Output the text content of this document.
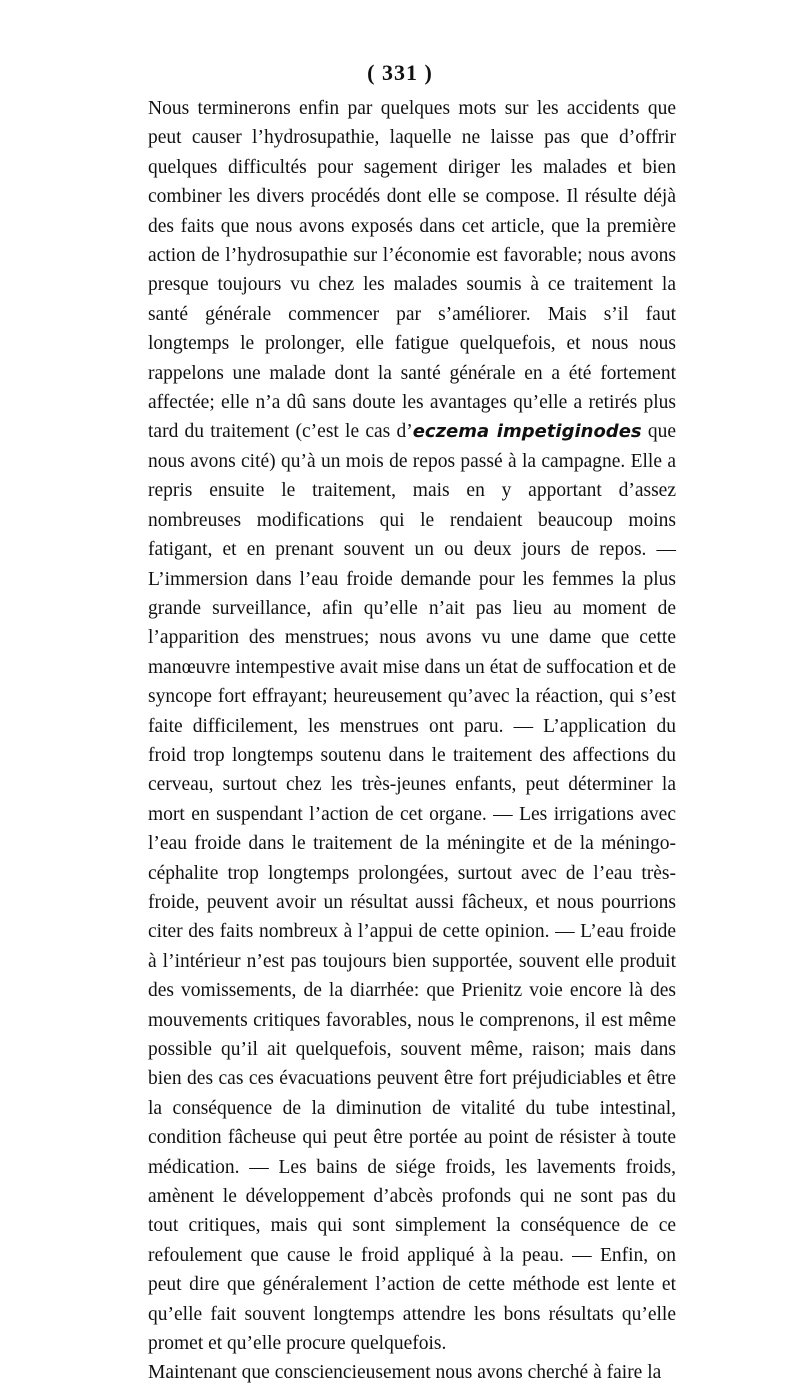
( 331 )

Nous terminerons enfin par quelques mots sur les accidents que peut causer l’hydrosupathie, laquelle ne laisse pas que d’offrir quelques difficultés pour sagement diriger les malades et bien combiner les divers procédés dont elle se compose. Il résulte déjà des faits que nous avons exposés dans cet article, que la première action de l’hydrosupathie sur l’économie est favorable; nous avons presque toujours vu chez les malades soumis à ce traitement la santé générale commencer par s’améliorer. Mais s’il faut longtemps le prolonger, elle fatigue quelquefois, et nous nous rappelons une malade dont la santé générale en a été fortement affectée; elle n’a dû sans doute les avantages qu’elle a retirés plus tard du traitement (c’est le cas d’eczema impetiginodes que nous avons cité) qu’à un mois de repos passé à la campagne. Elle a repris ensuite le traitement, mais en y apportant d’assez nombreuses modifications qui le rendaient beaucoup moins fatigant, et en prenant souvent un ou deux jours de repos. — L’immersion dans l’eau froide demande pour les femmes la plus grande surveillance, afin qu’elle n’ait pas lieu au moment de l’apparition des menstrues; nous avons vu une dame que cette manœuvre intempestive avait mise dans un état de suffocation et de syncope fort effrayant; heureusement qu’avec la réaction, qui s’est faite difficilement, les menstrues ont paru. — L’application du froid trop longtemps soutenu dans le traitement des affections du cerveau, surtout chez les très-jeunes enfants, peut déterminer la mort en suspendant l’action de cet organe. — Les irrigations avec l’eau froide dans le traitement de la méningite et de la méningo-céphalite trop longtemps prolongées, surtout avec de l’eau très-froide, peuvent avoir un résultat aussi fâcheux, et nous pourrions citer des faits nombreux à l’appui de cette opinion. — L’eau froide à l’intérieur n’est pas toujours bien supportée, souvent elle produit des vomissements, de la diarrhée: que Prienitz voie encore là des mouvements critiques favorables, nous le comprenons, il est même possible qu’il ait quelquefois, souvent même, raison; mais dans bien des cas ces évacuations peuvent être fort préjudiciables et être la conséquence de la diminution de vitalité du tube intestinal, condition fâcheuse qui peut être portée au point de résister à toute médication. — Les bains de siége froids, les lavements froids, amènent le développement d’abcès profonds qui ne sont pas du tout critiques, mais qui sont simplement la conséquence de ce refoulement que cause le froid appliqué à la peau. — Enfin, on peut dire que généralement l’action de cette méthode est lente et qu’elle fait souvent longtemps attendre les bons résultats qu’elle promet et qu’elle procure quelquefois.

Maintenant que consciencieusement nous avons cherché à faire la
